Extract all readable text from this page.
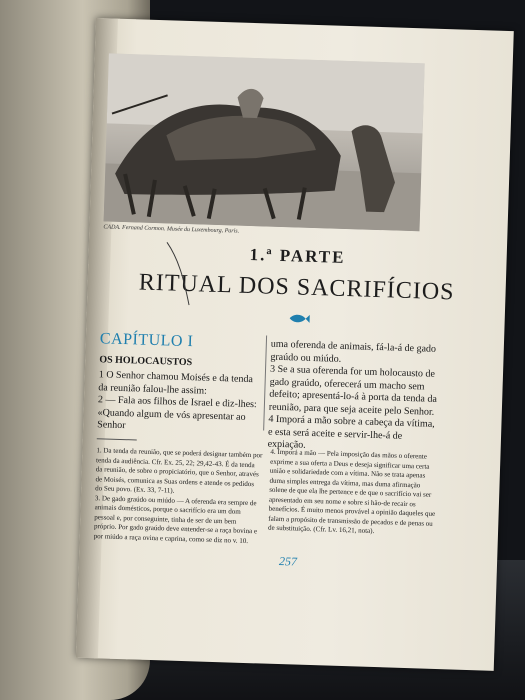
CADA. Fernand Cormon. Musée du Luxembourg, Paris.
1.ª PARTE
RITUAL DOS SACRIFÍCIOS
CAPÍTULO I
OS HOLOCAUSTOS

1 O Senhor chamou Moisés e da tenda da reunião falou-lhe assim:

2 — Fala aos filhos de Israel e diz-lhes: «Quando algum de vós apresentar ao Senhor

uma oferenda de animais, fá-la-á de gado graúdo ou miúdo.

3 Se a sua oferenda for um holocausto de gado graúdo, oferecerá um macho sem defeito; apresentá-lo-á à porta da tenda da reunião, para que seja aceite pelo Senhor.

4 Imporá a mão sobre a cabeça da vítima, e esta será aceite e servir-lhe-á de expiação.

1. Da tenda da reunião, que se poderá designar também por tenda da audiência. Cfr. Ex. 25, 22; 29,42-43. É da tenda da reunião, de sobre o propiciatório, que o Senhor, através de Moisés, comunica as Suas ordens e atende os pedidos do Seu povo. (Ex. 33, 7-11).

3. De gado graúdo ou miúdo — A oferenda era sempre de animais domésticos, porque o sacrifício era um dom pessoal e, por conseguinte, tinha de ser de um bem próprio. Por gado graúdo deve entender-se a raça bovina e por miúdo a raça ovina e caprina, como se diz no v. 10.

4. Imporá a mão — Pela imposição das mãos o oferente exprime a sua oferta a Deus e deseja significar uma certa união e solidariedade com a vítima. Não se trata apenas duma simples entrega da vítima, mas duma afirmação solene de que ela lhe pertence e de que o sacrifício vai ser apresentado em seu nome e sobre si hão-de recair os benefícios. É muito menos provável a opinião daqueles que falam a propósito de transmissão de pecados e de penas ou de substituição. (Cfr. Lv. 16,21, nota).

257
